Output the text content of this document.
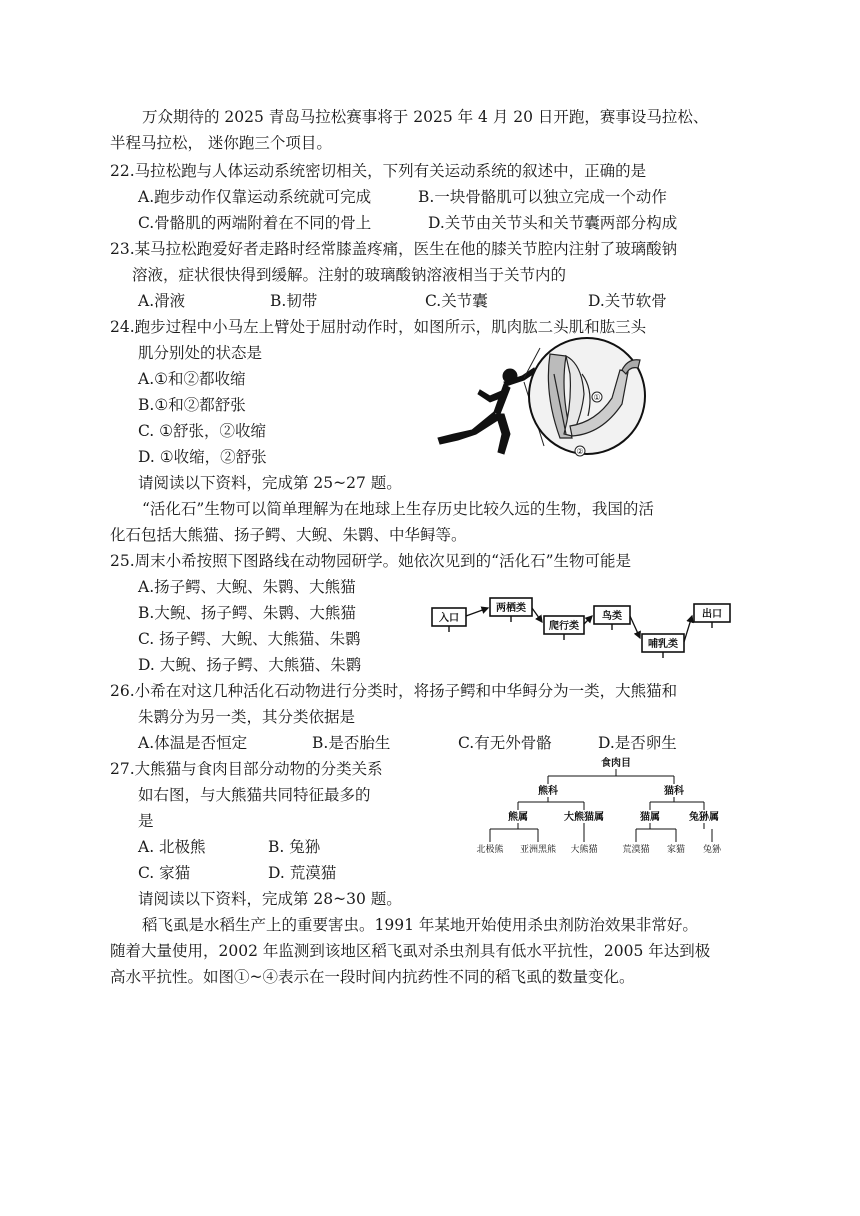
万众期待的 2025 青岛马拉松赛事将于 2025 年 4 月 20 日开跑，赛事设马拉松、
半程马拉松， 迷你跑三个项目。
22.马拉松跑与人体运动系统密切相关，下列有关运动系统的叙述中，正确的是
A.跑步动作仅靠运动系统就可完成	B.一块骨骼肌可以独立完成一个动作
C.骨骼肌的两端附着在不同的骨上	D.关节由关节头和关节囊两部分构成
23.某马拉松跑爱好者走路时经常膝盖疼痛，医生在他的膝关节腔内注射了玻璃酸钠
溶液，症状很快得到缓解。注射的玻璃酸钠溶液相当于关节内的
A.滑液	B.韧带	C.关节囊	D.关节软骨
24.跑步过程中小马左上臂处于屈肘动作时，如图所示，肌肉肱二头肌和肱三头
肌分别处的状态是
A.①和②都收缩
B.①和②都舒张
C. ①舒张，②收缩
D. ①收缩，②舒张
①
②
请阅读以下资料，完成第 25~27 题。
“活化石”生物可以简单理解为在地球上生存历史比较久远的生物，我国的活
化石包括大熊猫、扬子鳄、大鲵、朱鹮、中华鲟等。
25.周末小希按照下图路线在动物园研学。她依次见到的“活化石”生物可能是
A.扬子鳄、大鲵、朱鹮、大熊猫
B.大鲵、扬子鳄、朱鹮、大熊猫
C. 扬子鳄、大鲵、大熊猫、朱鹮
D. 大鲵、扬子鳄、大熊猫、朱鹮
入口
两栖类
爬行类
鸟类
哺乳类
出口
26.小希在对这几种活化石动物进行分类时，将扬子鳄和中华鲟分为一类，大熊猫和
朱鹮分为另一类，其分类依据是
A.体温是否恒定	B.是否胎生	C.有无外骨骼	D.是否卵生
27.大熊猫与食肉目部分动物的分类关系
如右图，与大熊猫共同特征最多的
是
A. 北极熊	B. 兔狲
C. 家猫	D. 荒漠猫
食肉目
熊科	猫科
熊属	大熊猫属	猫属	兔狲属
北极熊 亚洲黑熊 大熊猫	荒漠猫 家猫 兔狲
请阅读以下资料，完成第 28~30 题。
稻飞虱是水稻生产上的重要害虫。1991 年某地开始使用杀虫剂防治效果非常好。
随着大量使用，2002 年监测到该地区稻飞虱对杀虫剂具有低水平抗性，2005 年达到极
高水平抗性。如图①~④表示在一段时间内抗药性不同的稻飞虱的数量变化。
